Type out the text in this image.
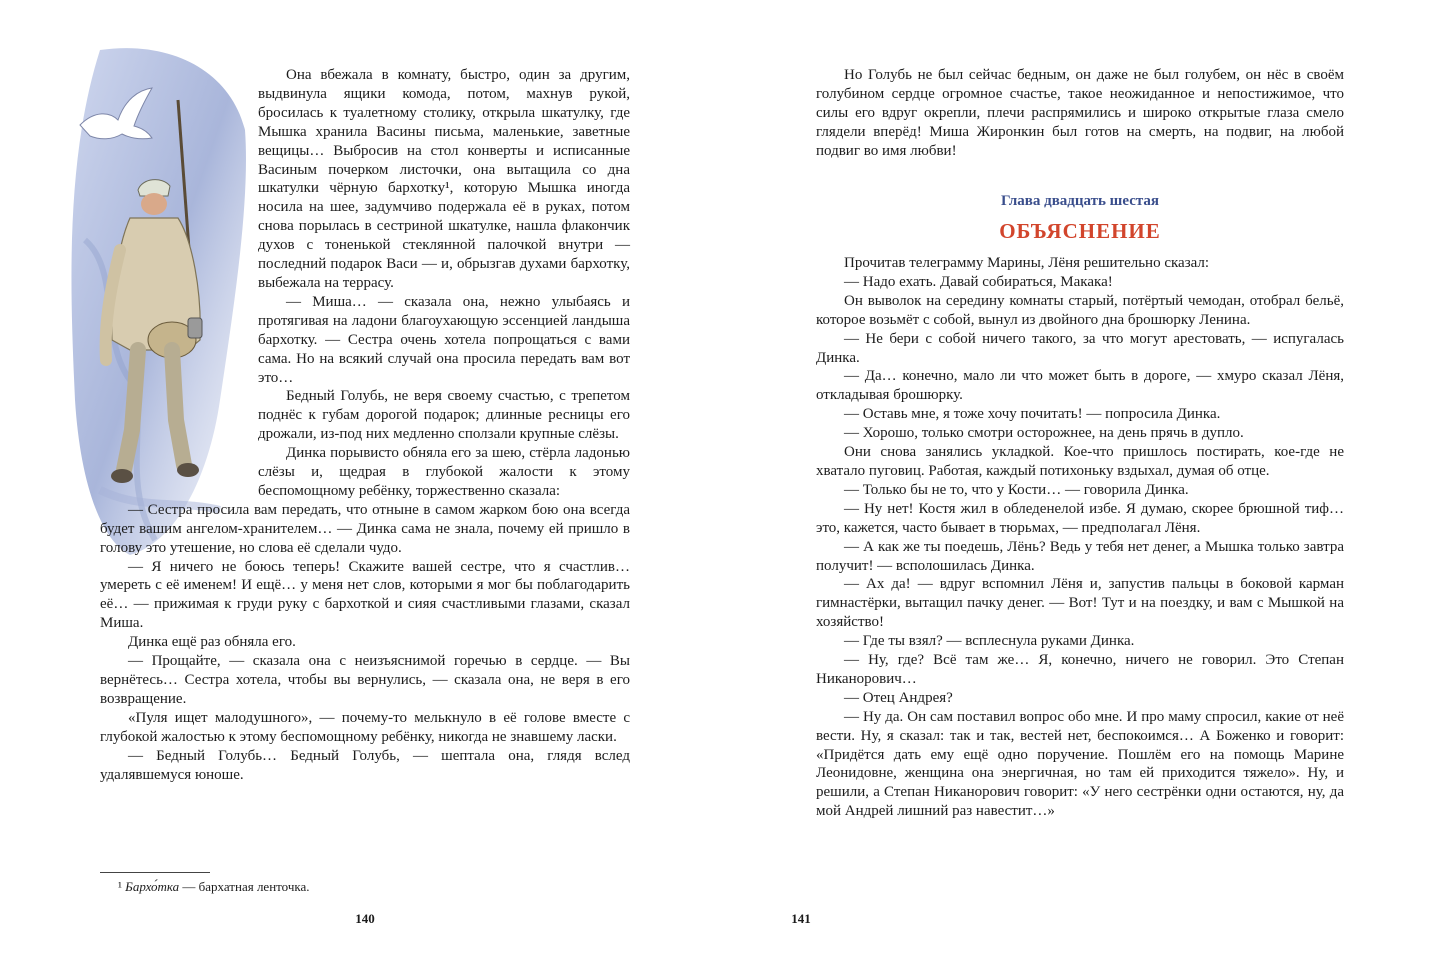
Она вбежала в комнату, быстро, один за другим, выдвинула ящики комода, потом, махнув рукой, бросилась к туалетному столику, открыла шкатулку, где Мышка хранила Васины письма, маленькие, заветные вещицы… Выбросив на стол конверты и исписанные Васиным почерком листочки, она вытащила со дна шкатулки чёрную бархотку¹, которую Мышка иногда носила на шее, задумчиво подержала её в руках, потом снова порылась в сестриной шкатулке, нашла флакончик духов с тоненькой стеклянной палочкой внутри — последний подарок Васи — и, обрызгав духами бархотку, выбежала на террасу.

— Миша… — сказала она, нежно улыбаясь и протягивая на ладони благоухающую эссенцией ландыша бархотку. — Сестра очень хотела попрощаться с вами сама. Но на всякий случай она просила передать вам вот это…

Бедный Голубь, не веря своему счастью, с трепетом поднёс к губам дорогой подарок; длинные ресницы его дрожали, из-под них медленно сползали крупные слёзы.

Динка порывисто обняла его за шею, стёрла ладонью слёзы и, щедрая в глубокой жалости к этому беспомощному ребёнку, торжественно сказала:

— Сестра просила вам передать, что отныне в самом жарком бою она всегда будет вашим ангелом-хранителем… — Динка сама не знала, почему ей пришло в голову это утешение, но слова её сделали чудо.

— Я ничего не боюсь теперь! Скажите вашей сестре, что я счастлив… умереть с её именем! И ещё… у меня нет слов, которыми я мог бы поблагодарить её… — прижимая к груди руку с бархоткой и сияя счастливыми глазами, сказал Миша.

Динка ещё раз обняла его.

— Прощайте, — сказала она с неизъяснимой горечью в сердце. — Вы вернётесь… Сестра хотела, чтобы вы вернулись, — сказала она, не веря в его возвращение.

«Пуля ищет малодушного», — почему-то мелькнуло в её голове вместе с глубокой жалостью к этому беспомощному ребёнку, никогда не знавшему ласки.

— Бедный Голубь… Бедный Голубь, — шептала она, глядя вслед удалявшемуся юноше.

¹ Бархо́тка — бархатная ленточка.
140

Но Голубь не был сейчас бедным, он даже не был голубем, он нёс в своём голубином сердце огромное счастье, такое неожиданное и непостижимое, что силы его вдруг окрепли, плечи распрямились и широко открытые глаза смело глядели вперёд! Миша Жиронкин был готов на смерть, на подвиг, на любой подвиг во имя любви!

Глава двадцать шестая
ОБЪЯСНЕНИЕ

Прочитав телеграмму Марины, Лёня решительно сказал:

— Надо ехать. Давай собираться, Макака!

Он выволок на середину комнаты старый, потёртый чемодан, отобрал бельё, которое возьмёт с собой, вынул из двойного дна брошюрку Ленина.

— Не бери с собой ничего такого, за что могут арестовать, — испугалась Динка.

— Да… конечно, мало ли что может быть в дороге, — хмуро сказал Лёня, откладывая брошюрку.

— Оставь мне, я тоже хочу почитать! — попросила Динка.

— Хорошо, только смотри осторожнее, на день прячь в дупло.

Они снова занялись укладкой. Кое-что пришлось постирать, кое-где не хватало пуговиц. Работая, каждый потихоньку вздыхал, думая об отце.

— Только бы не то, что у Кости… — говорила Динка.

— Ну нет! Костя жил в обледенелой избе. Я думаю, скорее брюшной тиф… это, кажется, часто бывает в тюрьмах, — предполагал Лёня.

— А как же ты поедешь, Лёнь? Ведь у тебя нет денег, а Мышка только завтра получит! — всполошилась Динка.

— Ах да! — вдруг вспомнил Лёня и, запустив пальцы в боковой карман гимнастёрки, вытащил пачку денег. — Вот! Тут и на поездку, и вам с Мышкой на хозяйство!

— Где ты взял? — всплеснула руками Динка.

— Ну, где? Всё там же… Я, конечно, ничего не говорил. Это Степан Никанорович…

— Отец Андрея?

— Ну да. Он сам поставил вопрос обо мне. И про маму спросил, какие от неё вести. Ну, я сказал: так и так, вестей нет, беспокоимся… А Боженко и говорит: «Придётся дать ему ещё одно поручение. Пошлём его на помощь Марине Леонидовне, женщина она энергичная, но там ей приходится тяжело». Ну, и решили, а Степан Никанорович говорит: «У него сестрёнки одни остаются, ну, да мой Андрей лишний раз навестит…»

141
